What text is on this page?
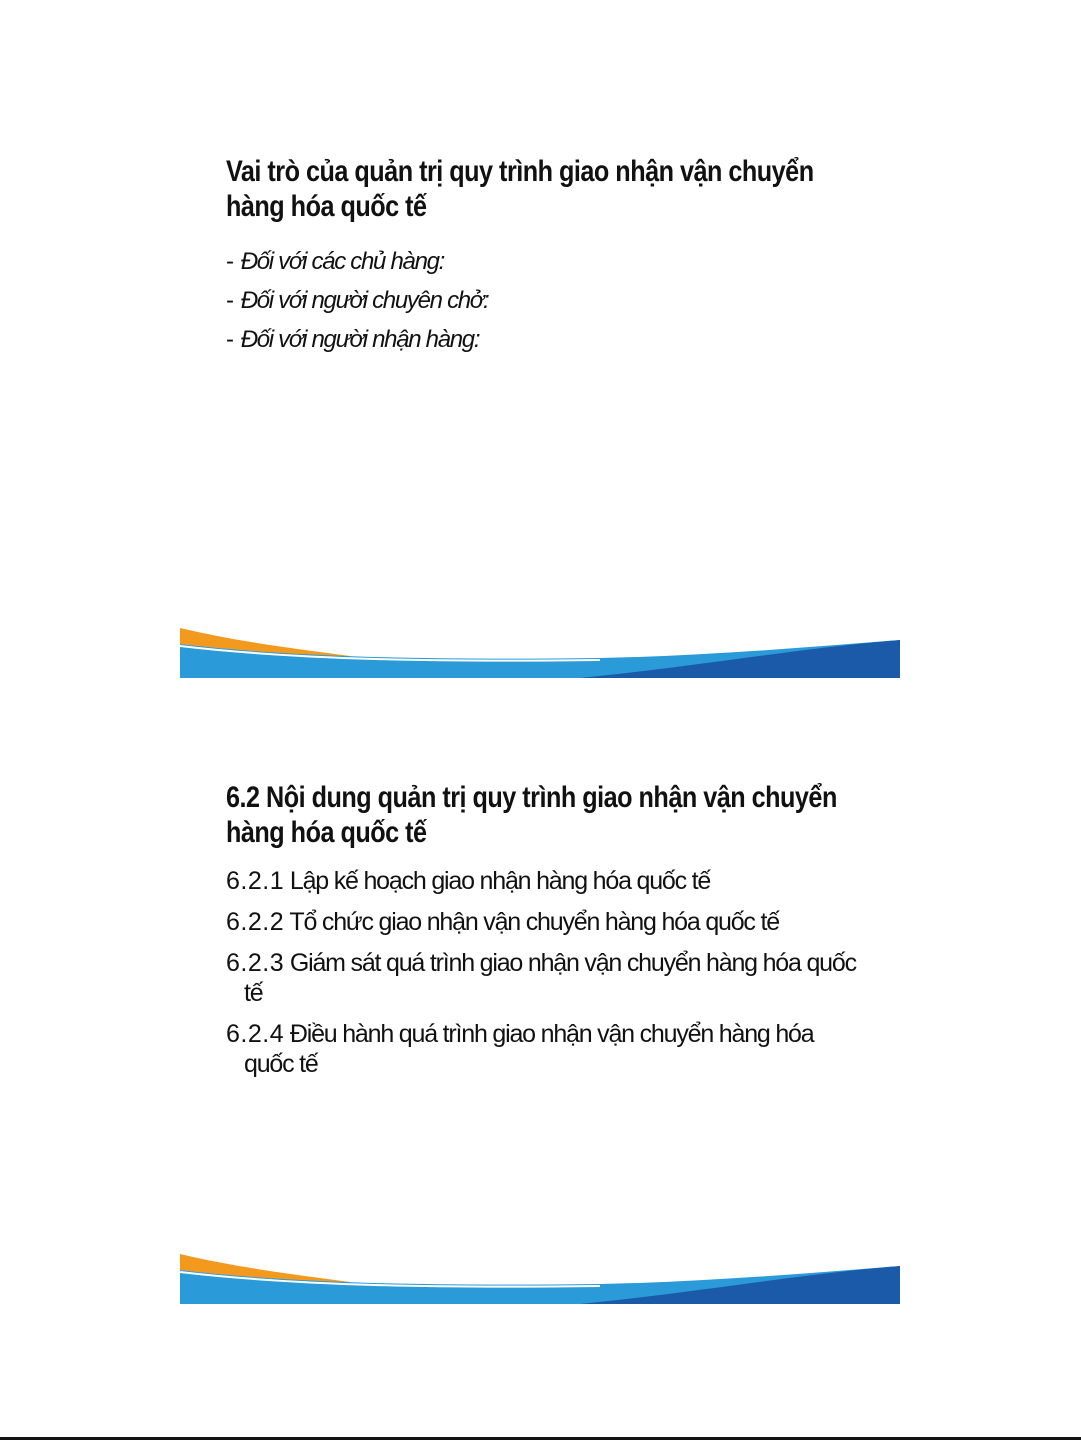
Vai trò của quản trị quy trình giao nhận vận chuyển
hàng hóa quốc tế
- Đối với các chủ hàng:
- Đối với người chuyên chở:
- Đối với người nhận hàng:
6.2 Nội dung quản trị quy trình giao nhận vận chuyển
hàng hóa quốc tế
6.2.1 Lập kế hoạch giao nhận hàng hóa quốc tế
6.2.2 Tổ chức giao nhận vận chuyển hàng hóa quốc tế
6.2.3 Giám sát quá trình giao nhận vận chuyển hàng hóa quốc tế
6.2.4 Điều hành quá trình giao nhận vận chuyển hàng hóa quốc tế
